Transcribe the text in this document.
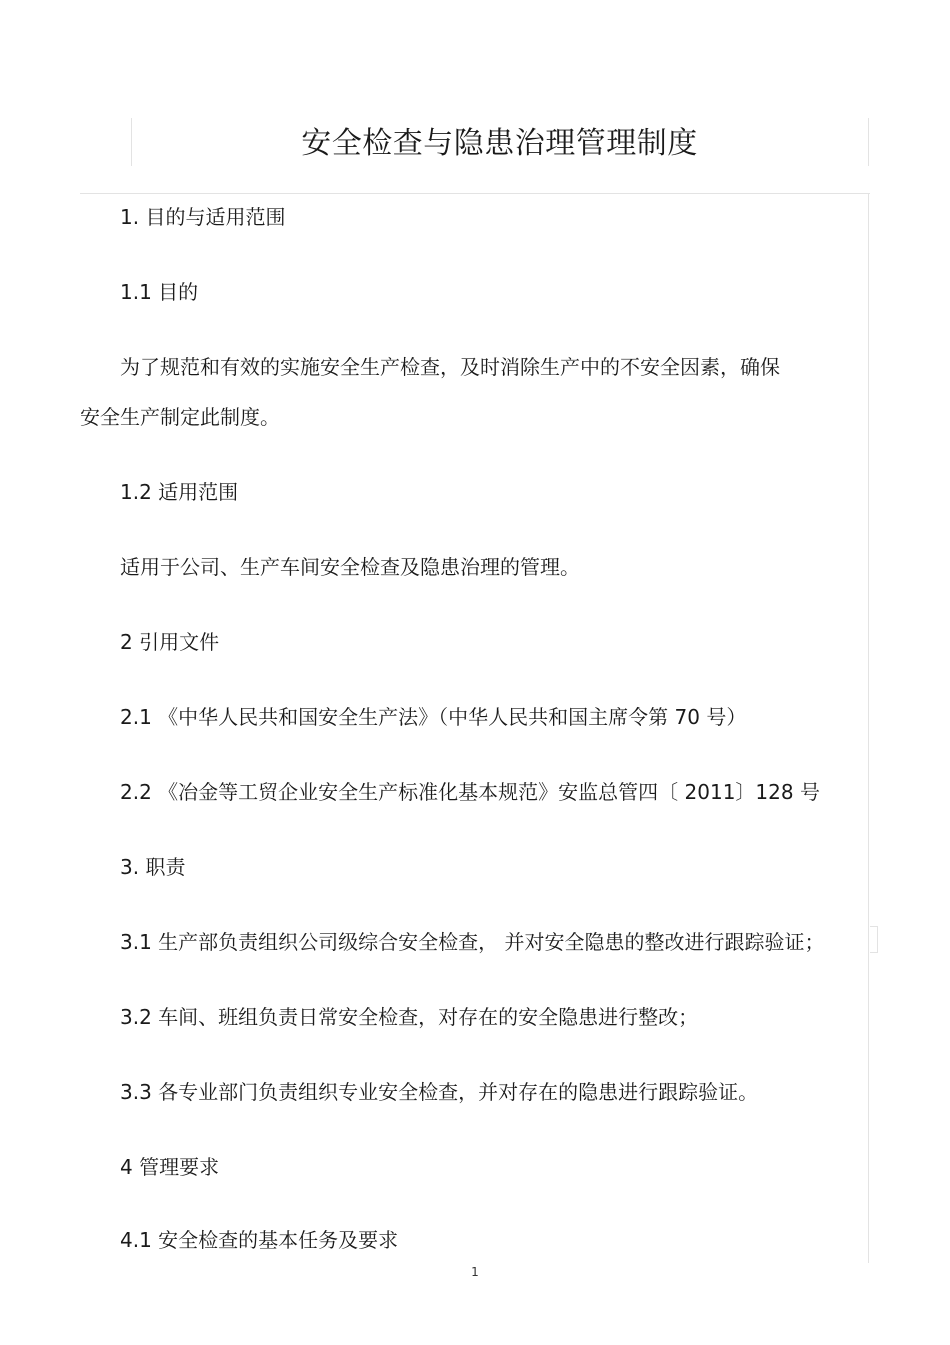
安全检查与隐患治理管理制度
1. 目的与适用范围
1.1 目的
为了规范和有效的实施安全生产检查，及时消除生产中的不安全因素，确保
安全生产制定此制度。
1.2 适用范围
适用于公司、生产车间安全检查及隐患治理的管理。
2 引用文件
2.1 《中华人民共和国安全生产法》（中华人民共和国主席令第 70 号）
2.2 《冶金等工贸企业安全生产标准化基本规范》安监总管四〔 2011〕128 号
3. 职责
3.1 生产部负责组织公司级综合安全检查， 并对安全隐患的整改进行跟踪验证；
3.2 车间、班组负责日常安全检查，对存在的安全隐患进行整改；
3.3 各专业部门负责组织专业安全检查，并对存在的隐患进行跟踪验证。
4 管理要求
4.1 安全检查的基本任务及要求
1
